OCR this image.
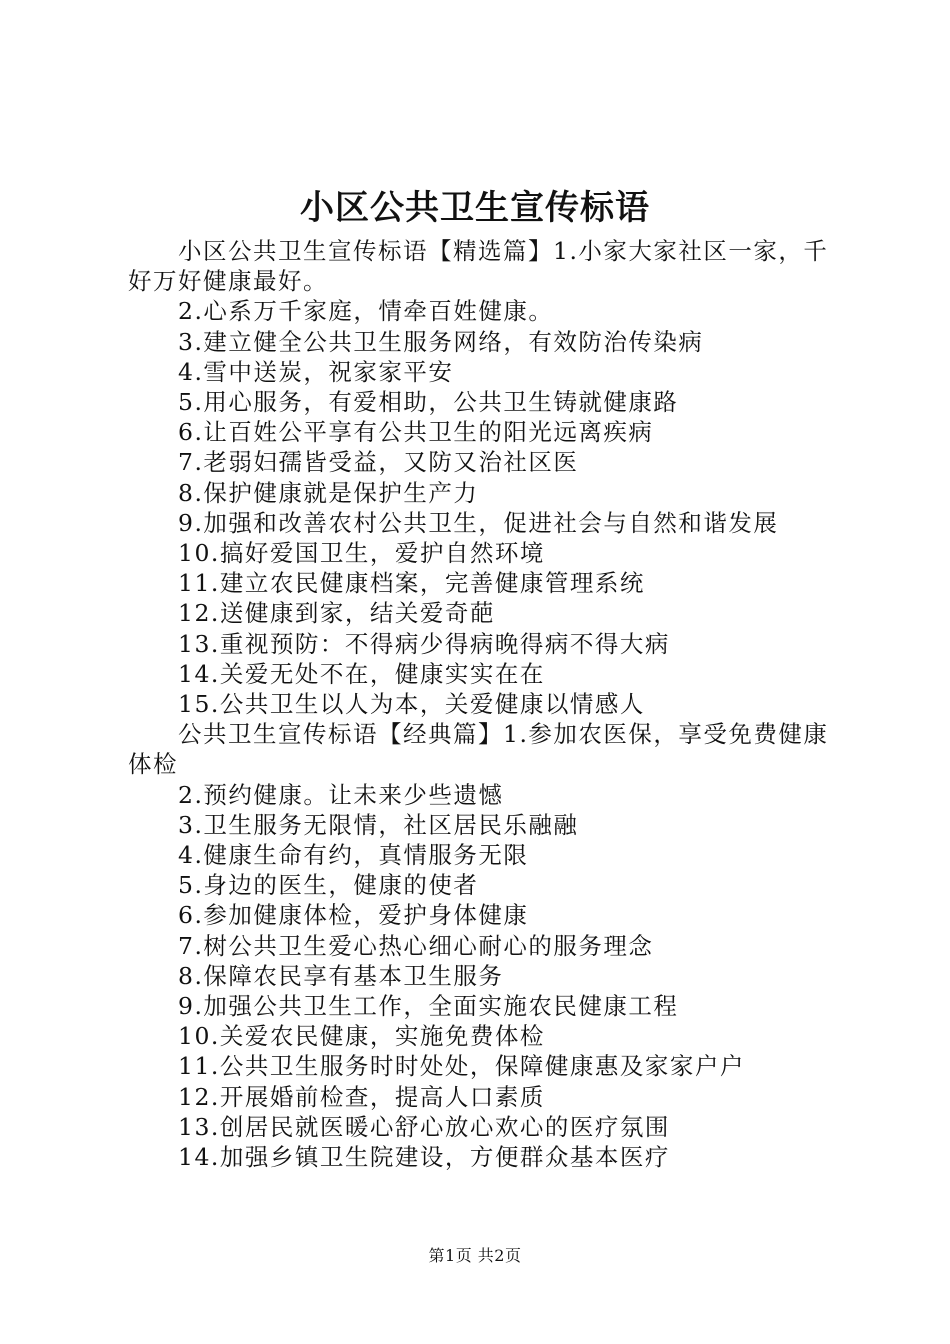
小区公共卫生宣传标语

小区公共卫生宣传标语【精选篇】1.小家大家社区一家，千好万好健康最好。

2.心系万千家庭，情牵百姓健康。

3.建立健全公共卫生服务网络，有效防治传染病

4.雪中送炭，祝家家平安

5.用心服务，有爱相助，公共卫生铸就健康路

6.让百姓公平享有公共卫生的阳光远离疾病

7.老弱妇孺皆受益，又防又治社区医

8.保护健康就是保护生产力

9.加强和改善农村公共卫生，促进社会与自然和谐发展

10.搞好爱国卫生，爱护自然环境

11.建立农民健康档案，完善健康管理系统

12.送健康到家，结关爱奇葩

13.重视预防：不得病少得病晚得病不得大病

14.关爱无处不在，健康实实在在

15.公共卫生以人为本，关爱健康以情感人

公共卫生宣传标语【经典篇】1.参加农医保，享受免费健康体检

2.预约健康。让未来少些遗憾

3.卫生服务无限情，社区居民乐融融

4.健康生命有约，真情服务无限

5.身边的医生，健康的使者

6.参加健康体检，爱护身体健康

7.树公共卫生爱心热心细心耐心的服务理念

8.保障农民享有基本卫生服务

9.加强公共卫生工作，全面实施农民健康工程

10.关爱农民健康，实施免费体检

11.公共卫生服务时时处处，保障健康惠及家家户户

12.开展婚前检查，提高人口素质

13.创居民就医暖心舒心放心欢心的医疗氛围

14.加强乡镇卫生院建设，方便群众基本医疗

第1页 共2页
